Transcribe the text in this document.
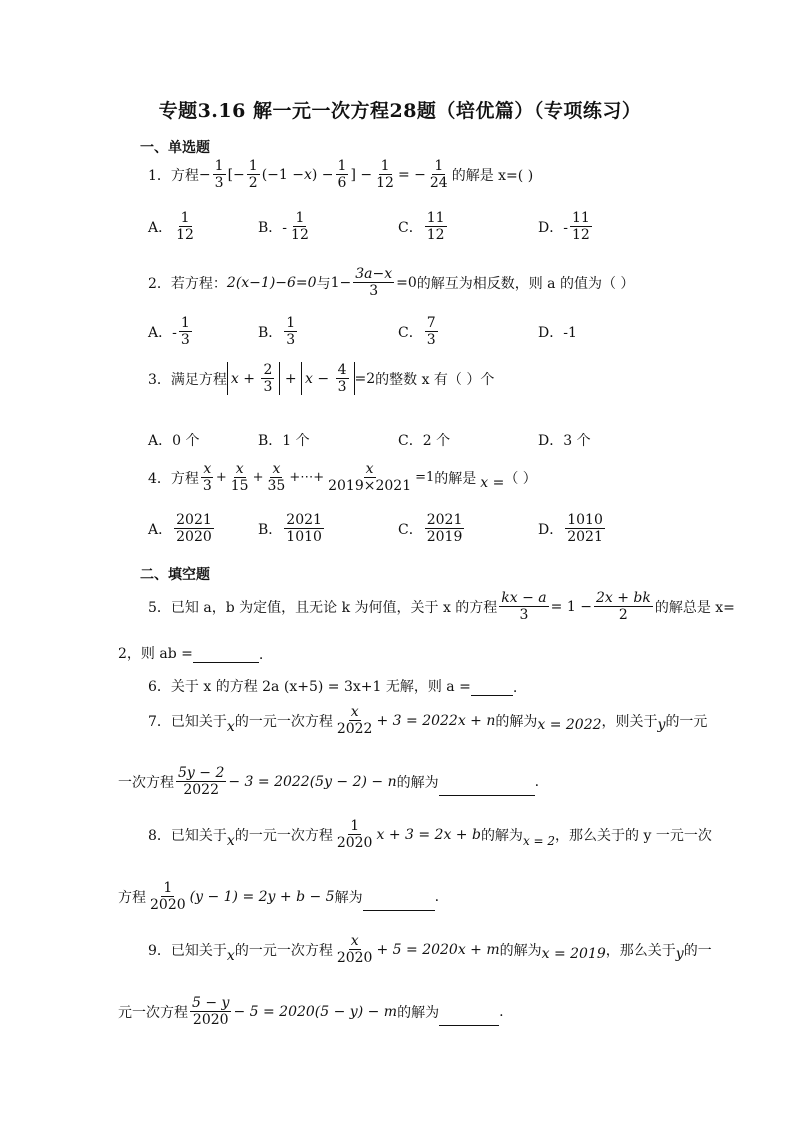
专题3.16 解一元一次方程28题（培优篇）（专项练习）
一、单选题
1．方程 − $\frac{1}{3}$ [− $\frac{1}{2} (-1 - x$ ) − $\frac{1}{6}$ ] − $\frac{1}{12}$ = − $\frac{1}{24}$ 的解是 x=( )
A． $\frac{1}{12}$	B．- $\frac{1}{12}$	C． $\frac{11}{12}$	D．- $\frac{11}{12}$
2．若方程： 2(x−1)−6=0 与 $1- \frac{3a-x}{3} =0$ 的解互为相反数，则 a 的值为（ ）
A．- $\frac{1}{3}$	B． $\frac{1}{3}$	C． $\frac{7}{3}$	D．-1
3．满足方程 $x + \frac{2}{3} + x - \frac{4}{3} =2$ 的整数 x 有（ ）个
A．0 个	B．1 个	C．2 个	D．3 个
4．方程 $\frac{x}{3} + \frac{x}{15} + \frac{x}{35}$ +⋯+ $\frac{x}{2019\times 2021} =1$ 的解是 x = （ ）
A． $\frac{2021}{2020}$	B． $\frac{2021}{1010}$	C． $\frac{2021}{2019}$	D． $\frac{1010}{2021}$
二、填空题
5．已知 a，b 为定值，且无论 k 为何值，关于 x 的方程 $\frac{kx - a}{3} = 1 - \frac{2x + bk}{2}$ 的解总是 x=
2，则 ab =	.
6．关于 x 的方程 2a (x+5) = 3x+1 无解，则 a =	.
7．已知关于 x 的一元一次方程 $\frac{x}{2022} + 3 = 2022x + n$ 的解为 x = 2022 ，则关于 y 的一元
一次方程 $\frac{5y - 2}{2022} - 3 = 2022(5y - 2) - n$ 的解为	.
8．已知关于 x 的一元一次方程 $\frac{1}{2020}$ x + 3 = 2x + b 的解为 x = 2 ，那么关于的 y 一元一次
方程 $\frac{1}{2020} (y - 1) = 2y + b - 5$ 解为	.
9．已知关于 x 的一元一次方程 $\frac{x}{2020} + 5 = 2020x + m$ 的解为 x = 2019 ，那么关于 y 的一
元一次方程 $\frac{5 - y}{2020} - 5 = 2020(5 - y) - m$ 的解为	.
